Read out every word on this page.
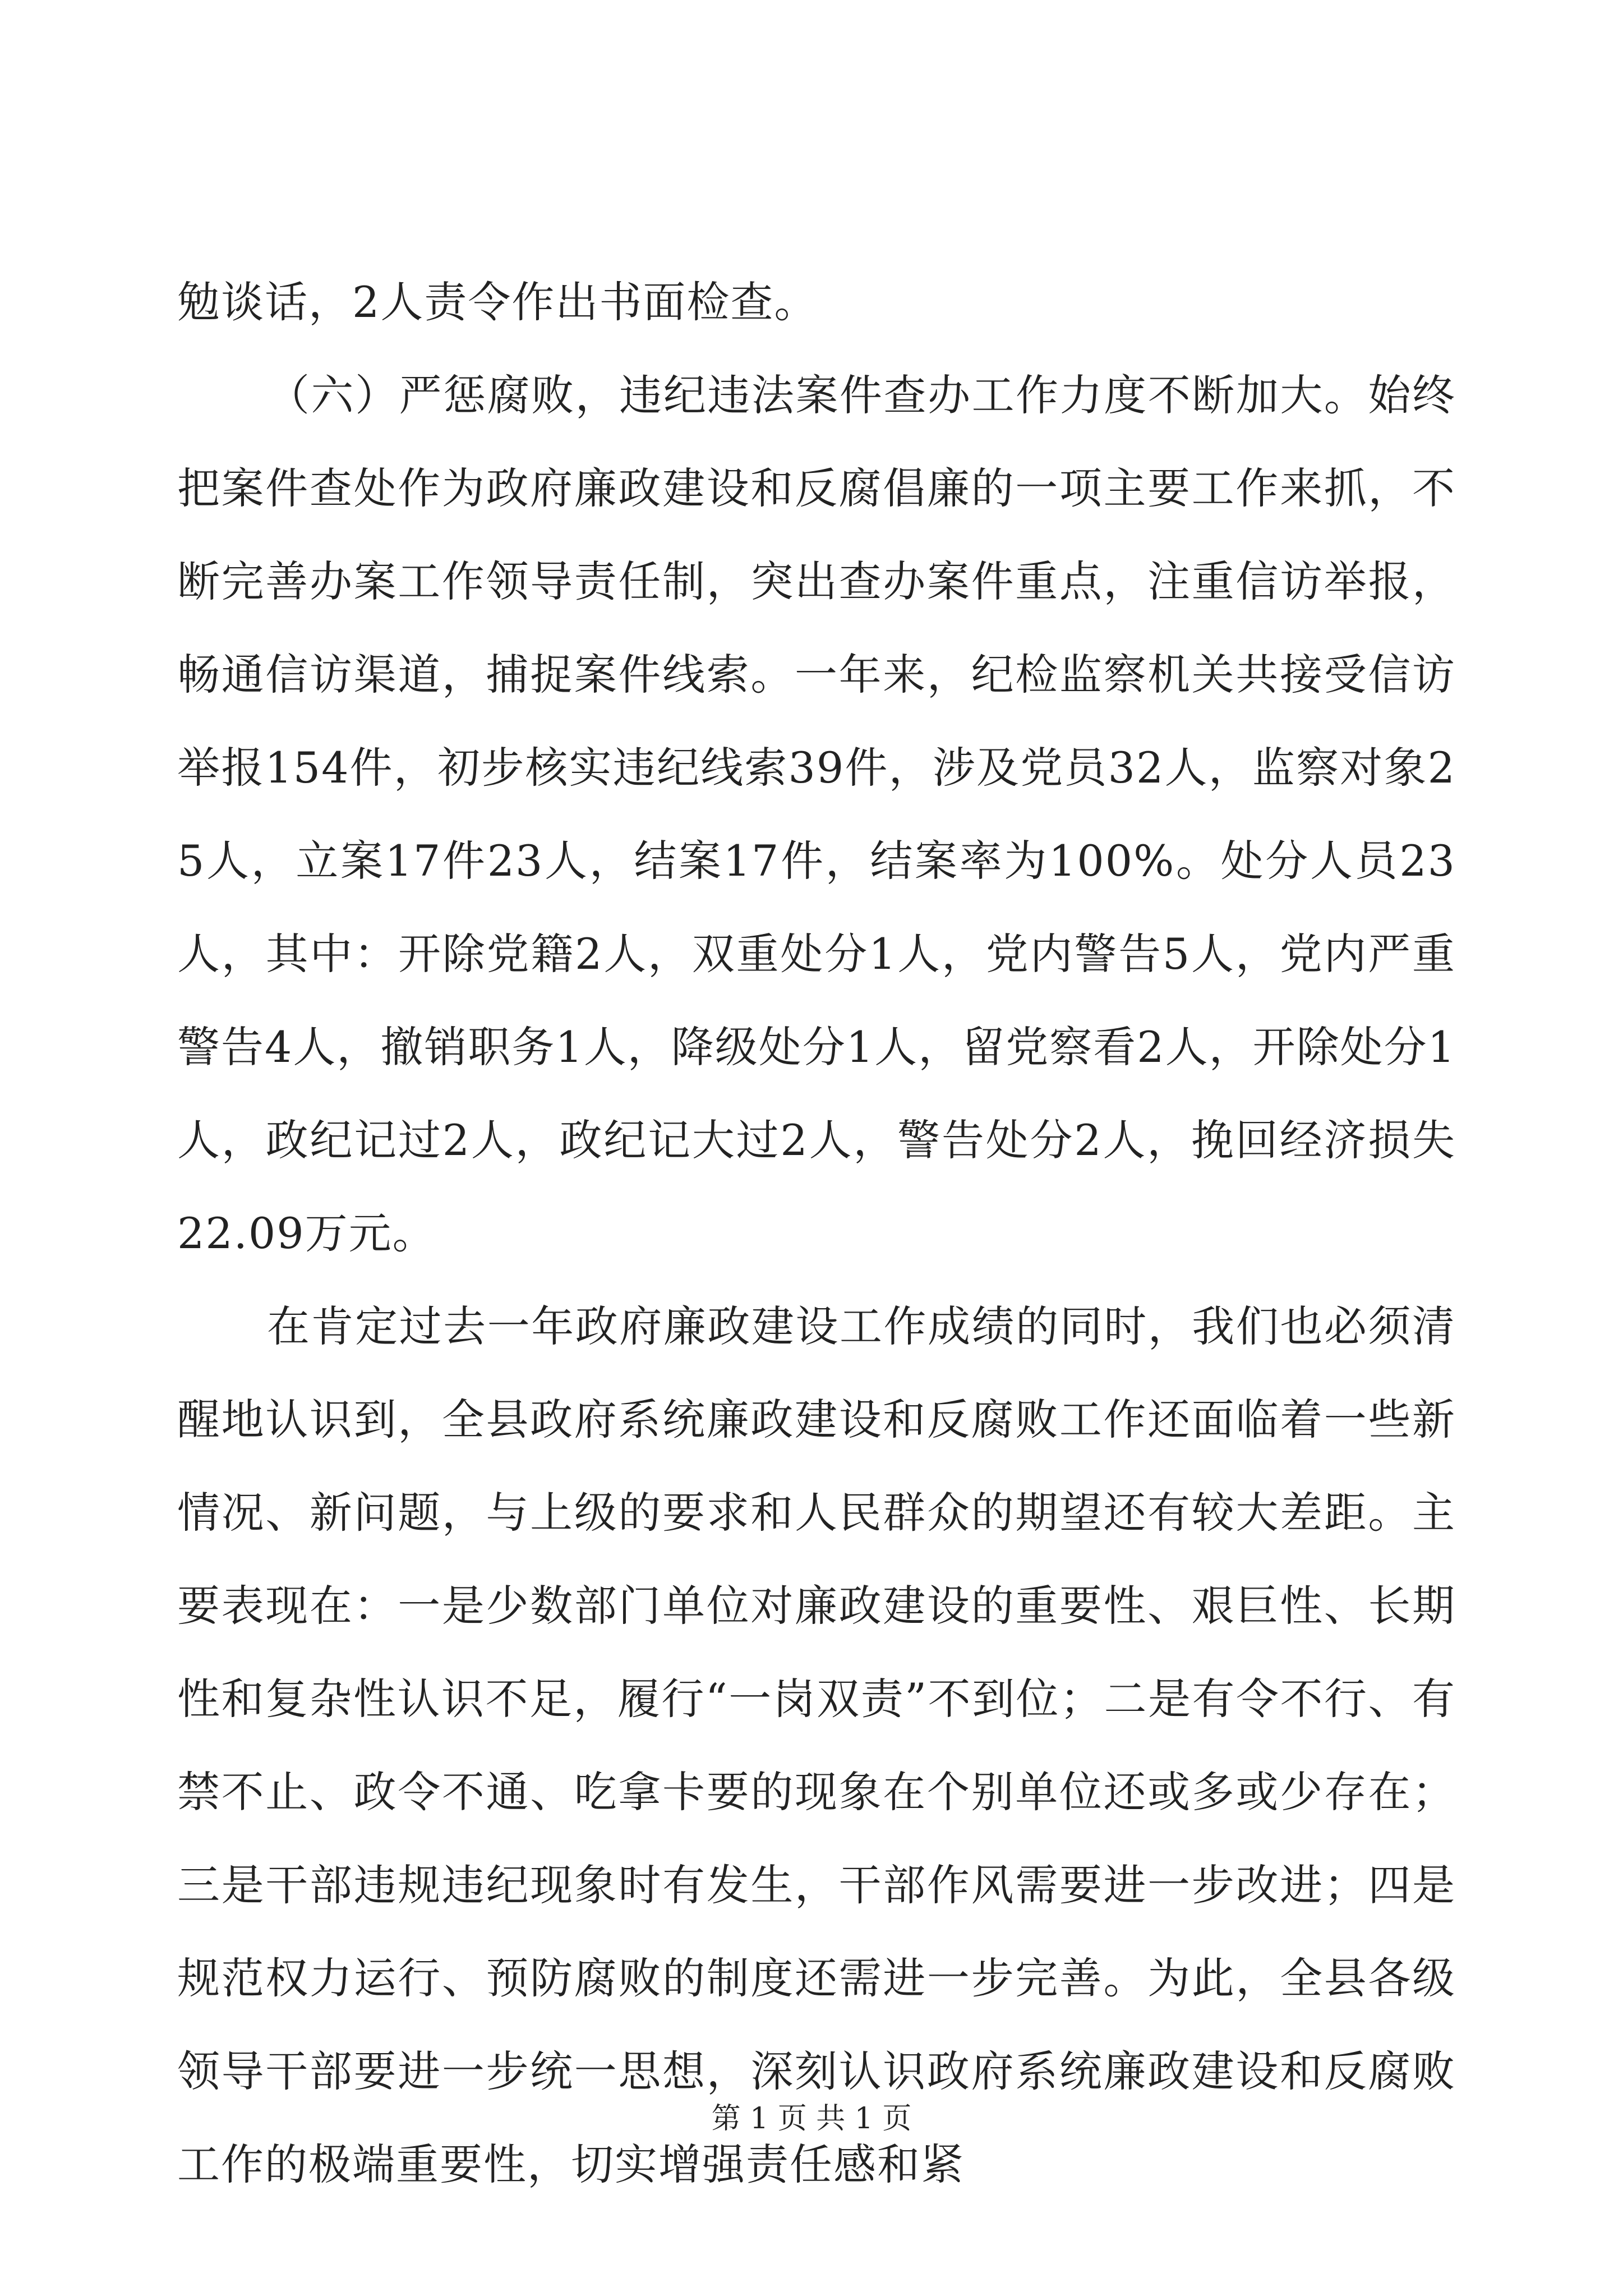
勉谈话，2人责令作出书面检查。

（六）严惩腐败，违纪违法案件查办工作力度不断加大。始终把案件查处作为政府廉政建设和反腐倡廉的一项主要工作来抓，不断完善办案工作领导责任制，突出查办案件重点，注重信访举报，畅通信访渠道，捕捉案件线索。一年来，纪检监察机关共接受信访举报154件，初步核实违纪线索39件，涉及党员32人，监察对象25人，立案17件23人，结案17件，结案率为100%。处分人员23人，其中：开除党籍2人，双重处分1人，党内警告5人，党内严重警告4人，撤销职务1人，降级处分1人，留党察看2人，开除处分1人，政纪记过2人，政纪记大过2人，警告处分2人，挽回经济损失22.09万元。

在肯定过去一年政府廉政建设工作成绩的同时，我们也必须清醒地认识到，全县政府系统廉政建设和反腐败工作还面临着一些新情况、新问题，与上级的要求和人民群众的期望还有较大差距。主要表现在：一是少数部门单位对廉政建设的重要性、艰巨性、长期性和复杂性认识不足，履行“一岗双责”不到位；二是有令不行、有禁不止、政令不通、吃拿卡要的现象在个别单位还或多或少存在；三是干部违规违纪现象时有发生，干部作风需要进一步改进；四是规范权力运行、预防腐败的制度还需进一步完善。为此，全县各级领导干部要进一步统一思想，深刻认识政府系统廉政建设和反腐败工作的极端重要性，切实增强责任感和紧

第 1 页 共 1 页
